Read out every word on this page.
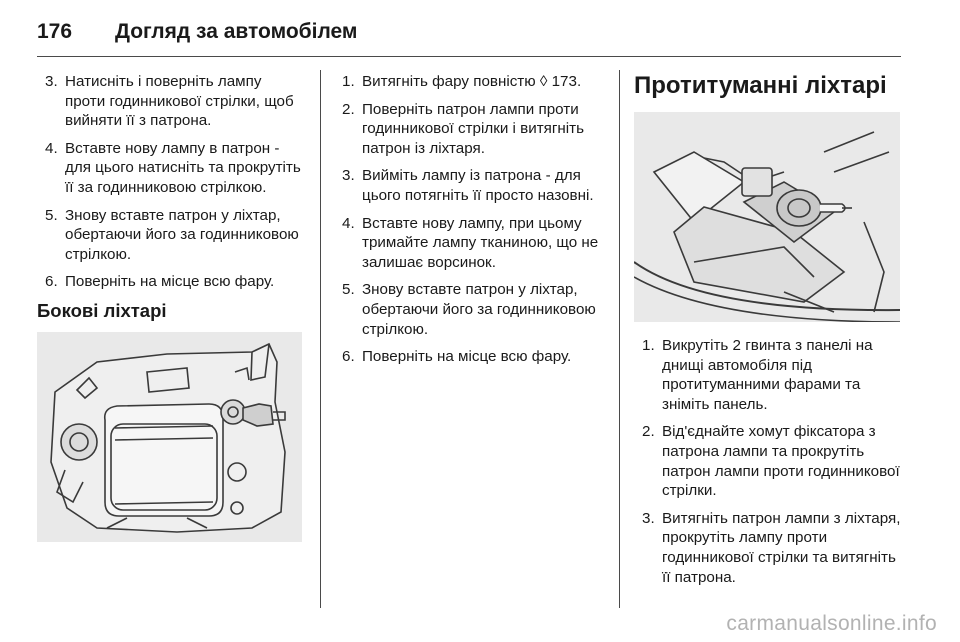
176	Догляд за автомобілем
3. Натисніть і поверніть лампу проти годинникової стрілки, щоб вийняти її з патрона.
4. Вставте нову лампу в патрон - для цього натисніть та прокрутіть її за годинниковою стрілкою.
5. Знову вставте патрон у ліхтар, обертаючи його за годинниковою стрілкою.
6. Поверніть на місце всю фару.
Бокові ліхтарі
1. Витягніть фару повністю ◊ 173.
2. Поверніть патрон лампи проти годинникової стрілки і витягніть патрон із ліхтаря.
3. Вийміть лампу із патрона - для цього потягніть її просто назовні.
4. Вставте нову лампу, при цьому тримайте лампу тканиною, що не залишає ворсинок.
5. Знову вставте патрон у ліхтар, обертаючи його за годинниковою стрілкою.
6. Поверніть на місце всю фару.
Протитуманні ліхтарі
1. Викрутіть 2 гвинта з панелі на днищі автомобіля під протитуманними фарами та зніміть панель.
2. Від'єднайте хомут фіксатора з патрона лампи та прокрутіть патрон лампи проти годинникової стрілки.
3. Витягніть патрон лампи з ліхтаря, прокрутіть лампу проти годинникової стрілки та витягніть її патрона.
carmanualsonline.info
